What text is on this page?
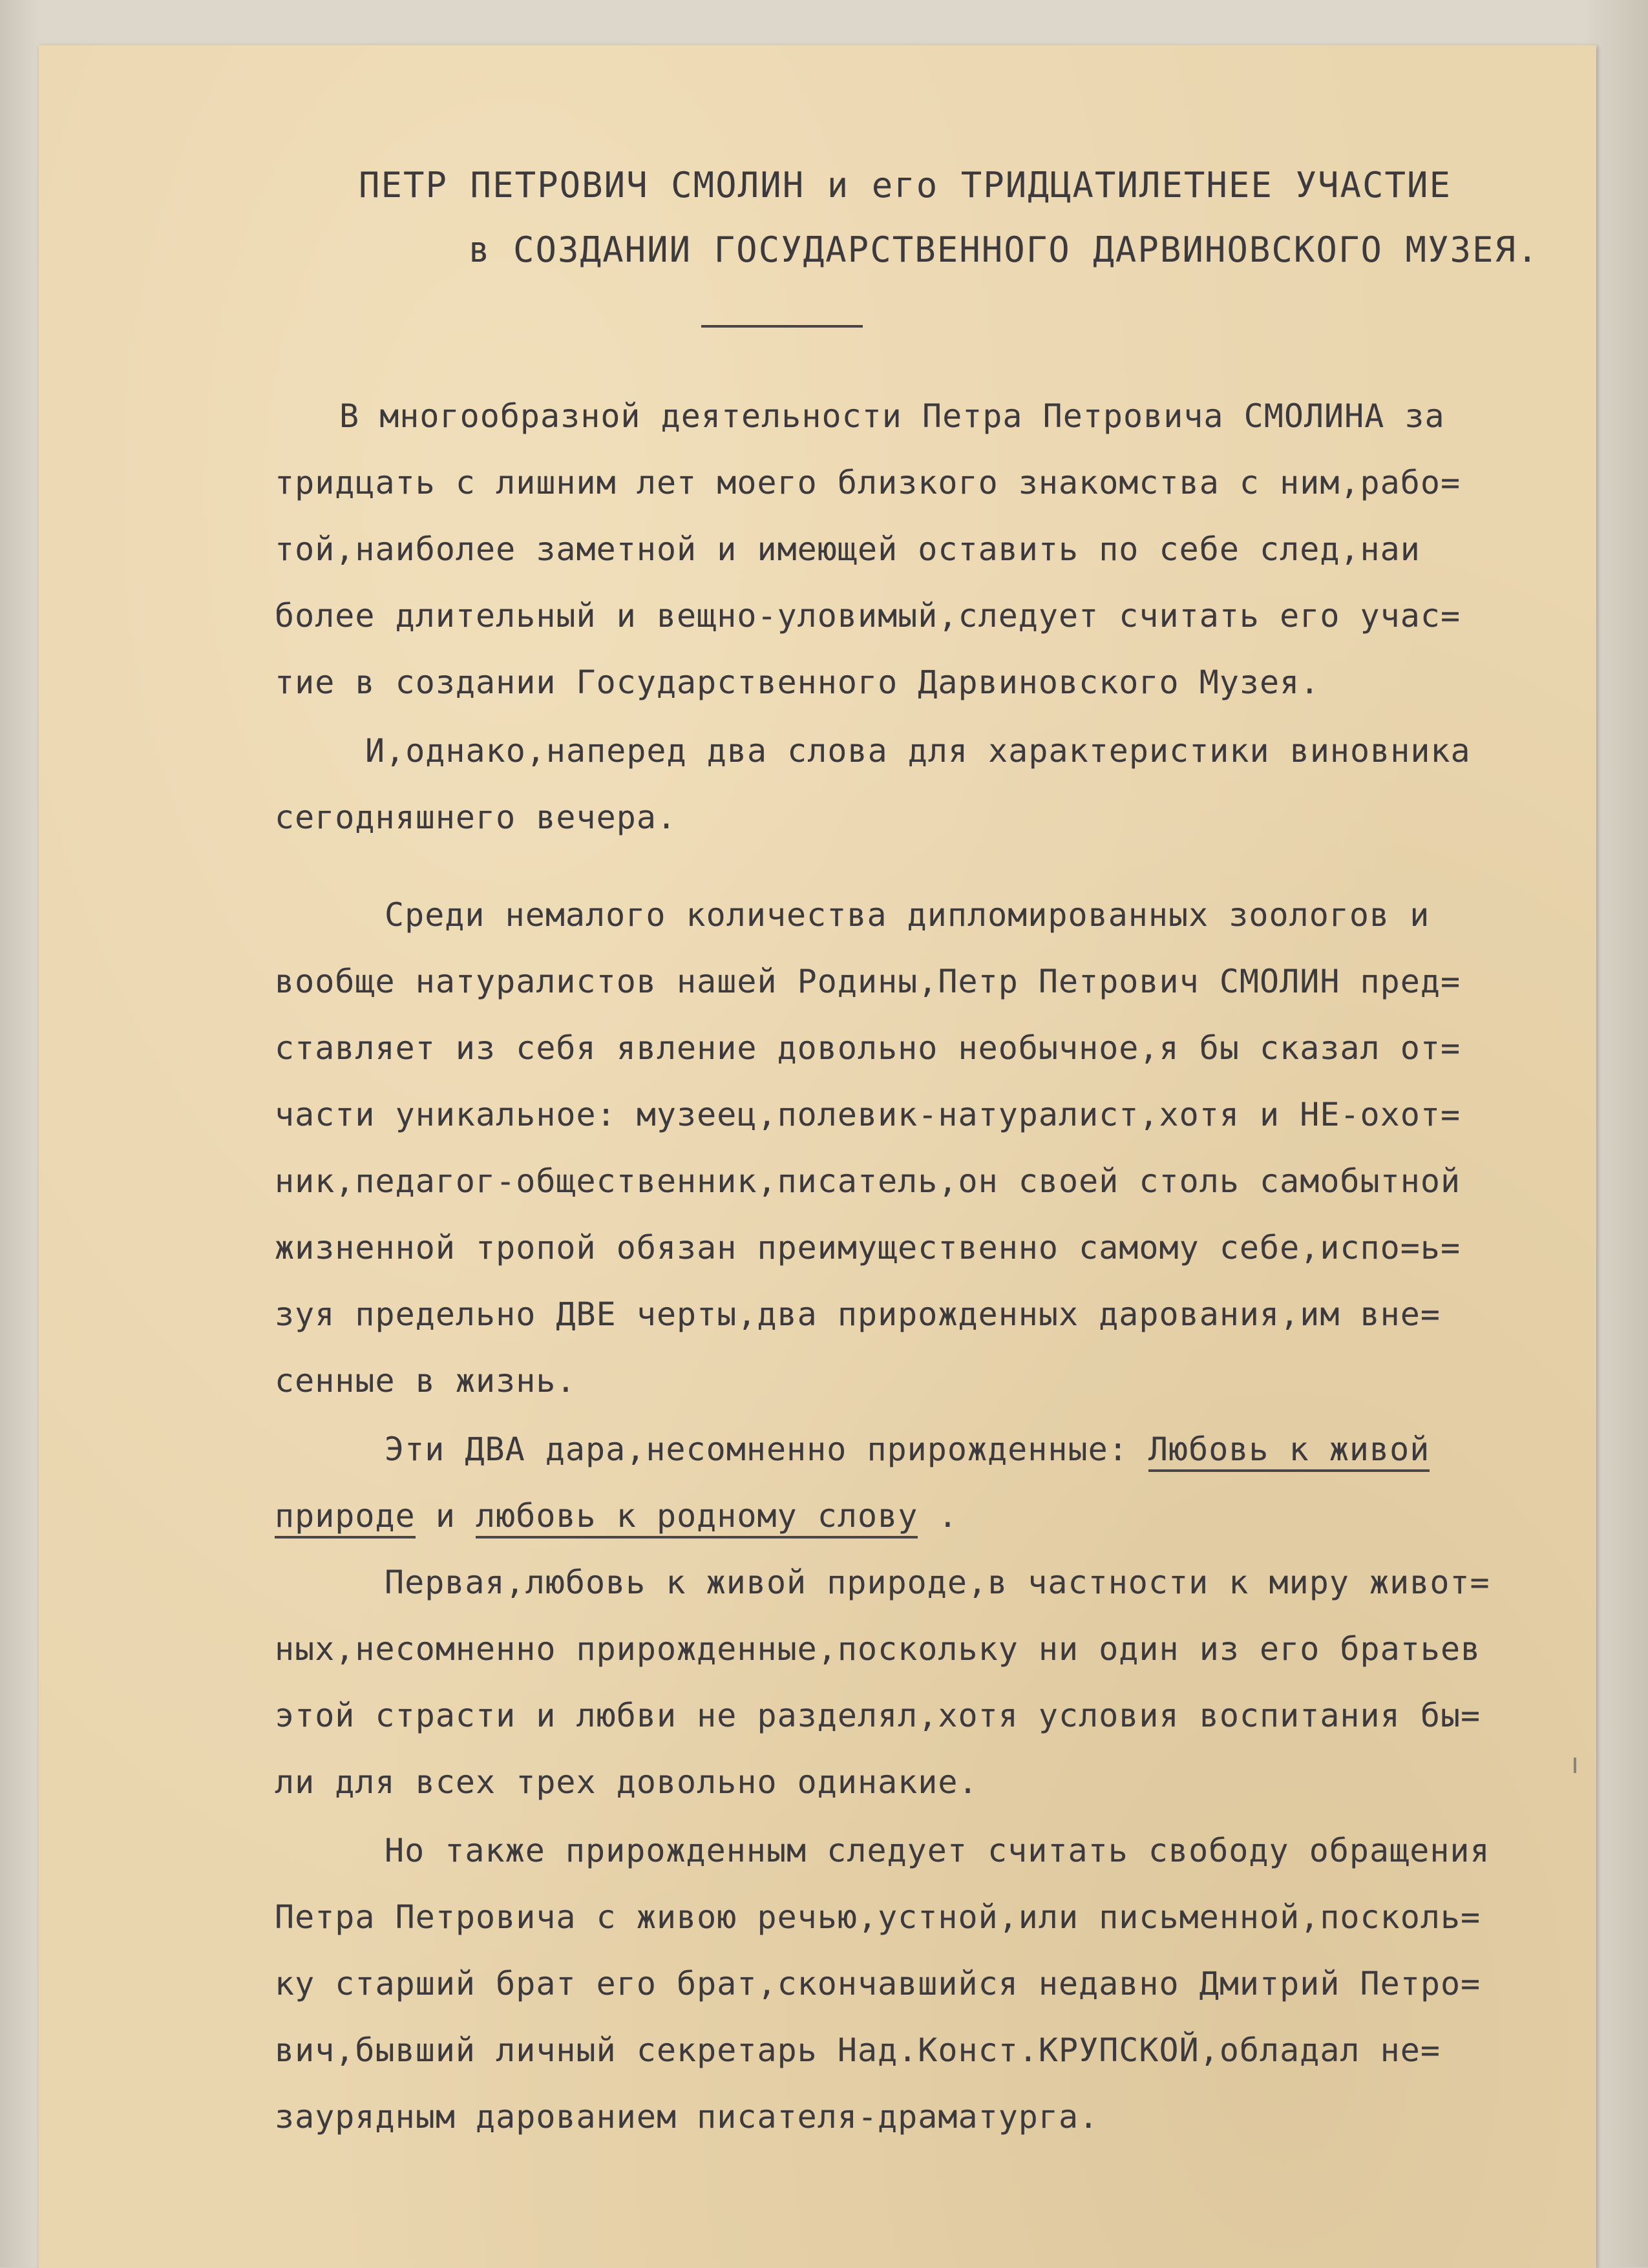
ПЕТР ПЕТРОВИЧ СМОЛИН и его ТРИДЦАТИЛЕТНЕЕ УЧАСТИЕ
в СОЗДАНИИ ГОСУДАРСТВЕННОГО ДАРВИНОВСКОГО МУЗЕЯ.
В многообразной деятельности Петра Петровича СМОЛИНА за
тридцать с лишним лет моего близкого знакомства с ним,рабо=
той,наиболее заметной и имеющей оставить по себе след,наи
более длительный и вещно-уловимый,следует считать его учас=
тие в создании Государственного Дарвиновского Музея.
И,однако,наперед два слова для характеристики виновника
сегодняшнего вечера.
Среди немалого количества дипломированных зоологов и
вообще натуралистов нашей Родины,Петр Петрович СМОЛИН пред=
ставляет из себя явление довольно необычное,я бы сказал от=
части уникальное: музеец,полевик-натуралист,хотя и НЕ-охот=
ник,педагог-общественник,писатель,он своей столь самобытной
жизненной тропой обязан преимущественно самому себе,испо=ь=
зуя предельно ДВЕ черты,два прирожденных дарования,им вне=
сенные в жизнь.
Эти ДВА дара,несомненно прирожденные: Любовь к живой
природе и любовь к родному слову .
Первая,любовь к живой природе,в частности к миру живот=
ных,несомненно прирожденные,поскольку ни один из его братьев
этой страсти и любви не разделял,хотя условия воспитания бы=
ли для всех трех довольно одинакие.
Но также прирожденным следует считать свободу обращения
Петра Петровича с живою речью,устной,или письменной,посколь=
ку старший брат его брат,скончавшийся недавно Дмитрий Петро=
вич,бывший личный секретарь Над.Конст.КРУПСКОЙ,обладал не=
заурядным дарованием писателя-драматурга.
